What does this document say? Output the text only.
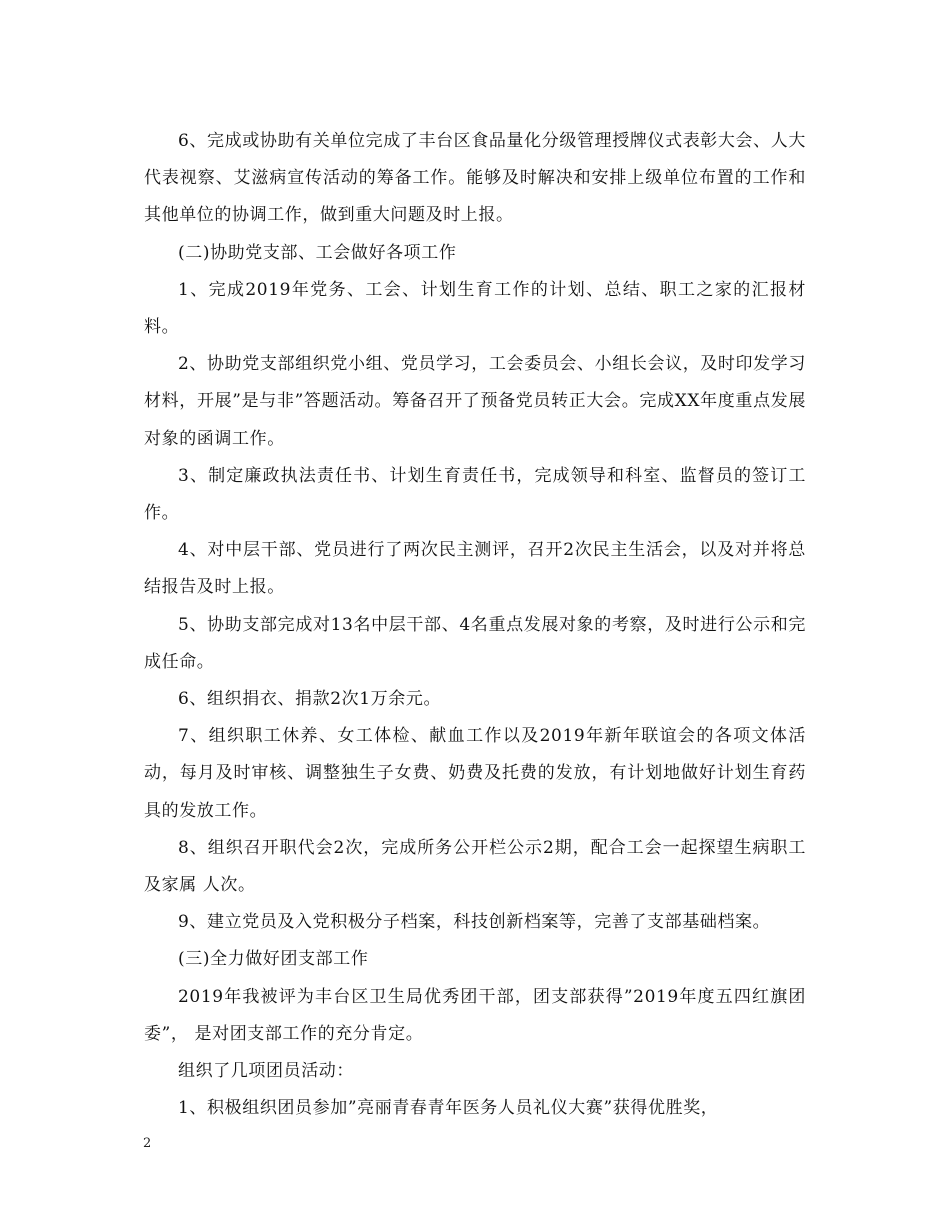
6、完成或协助有关单位完成了丰台区食品量化分级管理授牌仪式表彰大会、人大代表视察、艾滋病宣传活动的筹备工作。能够及时解决和安排上级单位布置的工作和其他单位的协调工作，做到重大问题及时上报。

(二)协助党支部、工会做好各项工作

1、完成2019年党务、工会、计划生育工作的计划、总结、职工之家的汇报材料。

2、协助党支部组织党小组、党员学习，工会委员会、小组长会议，及时印发学习材料，开展”是与非”答题活动。筹备召开了预备党员转正大会。完成XX年度重点发展对象的函调工作。

3、制定廉政执法责任书、计划生育责任书，完成领导和科室、监督员的签订工作。

4、对中层干部、党员进行了两次民主测评，召开2次民主生活会，以及对并将总结报告及时上报。

5、协助支部完成对13名中层干部、4名重点发展对象的考察，及时进行公示和完成任命。

6、组织捐衣、捐款2次1万余元。

7、组织职工休养、女工体检、献血工作以及2019年新年联谊会的各项文体活动，每月及时审核、调整独生子女费、奶费及托费的发放，有计划地做好计划生育药具的发放工作。

8、组织召开职代会2次，完成所务公开栏公示2期，配合工会一起探望生病职工及家属 人次。

9、建立党员及入党积极分子档案，科技创新档案等，完善了支部基础档案。

(三)全力做好团支部工作

2019年我被评为丰台区卫生局优秀团干部，团支部获得”2019年度五四红旗团委”， 是对团支部工作的充分肯定。

组织了几项团员活动：

1、积极组织团员参加”亮丽青春青年医务人员礼仪大赛”获得优胜奖，

2
